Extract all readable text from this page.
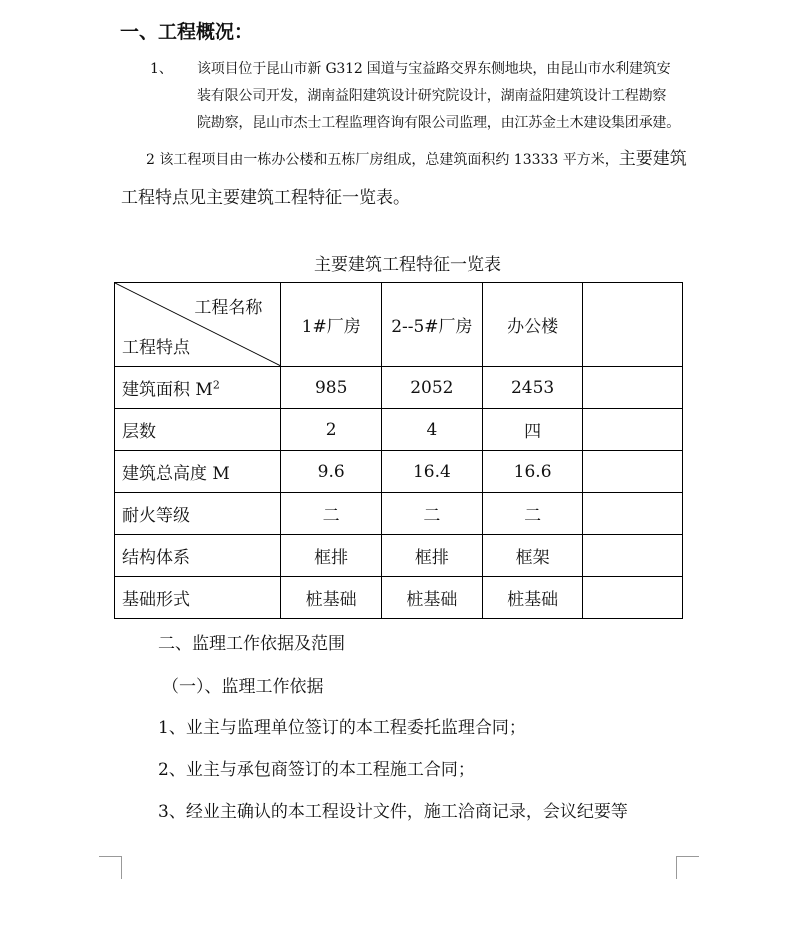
一、工程概况：
1、 该项目位于昆山市新 G312 国道与宝益路交界东侧地块，由昆山市水利建筑安
装有限公司开发，湖南益阳建筑设计研究院设计，湖南益阳建筑设计工程勘察
院勘察，昆山市杰士工程监理咨询有限公司监理，由江苏金土木建设集团承建。
2 该工程项目由一栋办公楼和五栋厂房组成，总建筑面积约 13333 平方米，主要建筑
工程特点见主要建筑工程特征一览表。
主要建筑工程特征一览表
工程名称
工程特点	1#厂房	2--5#厂房	办公楼	
建筑面积 $M^2$	985	2052	2453	
层数	2	4	四	
建筑总高度 M	9.6	16.4	16.6	
耐火等级	二	二	二	
结构体系	框排	框排	框架	
基础形式	桩基础	桩基础	桩基础	
二、监理工作依据及范围
（一）、监理工作依据
1、业主与监理单位签订的本工程委托监理合同；
2、业主与承包商签订的本工程施工合同；
3、经业主确认的本工程设计文件，施工洽商记录，会议纪要等
